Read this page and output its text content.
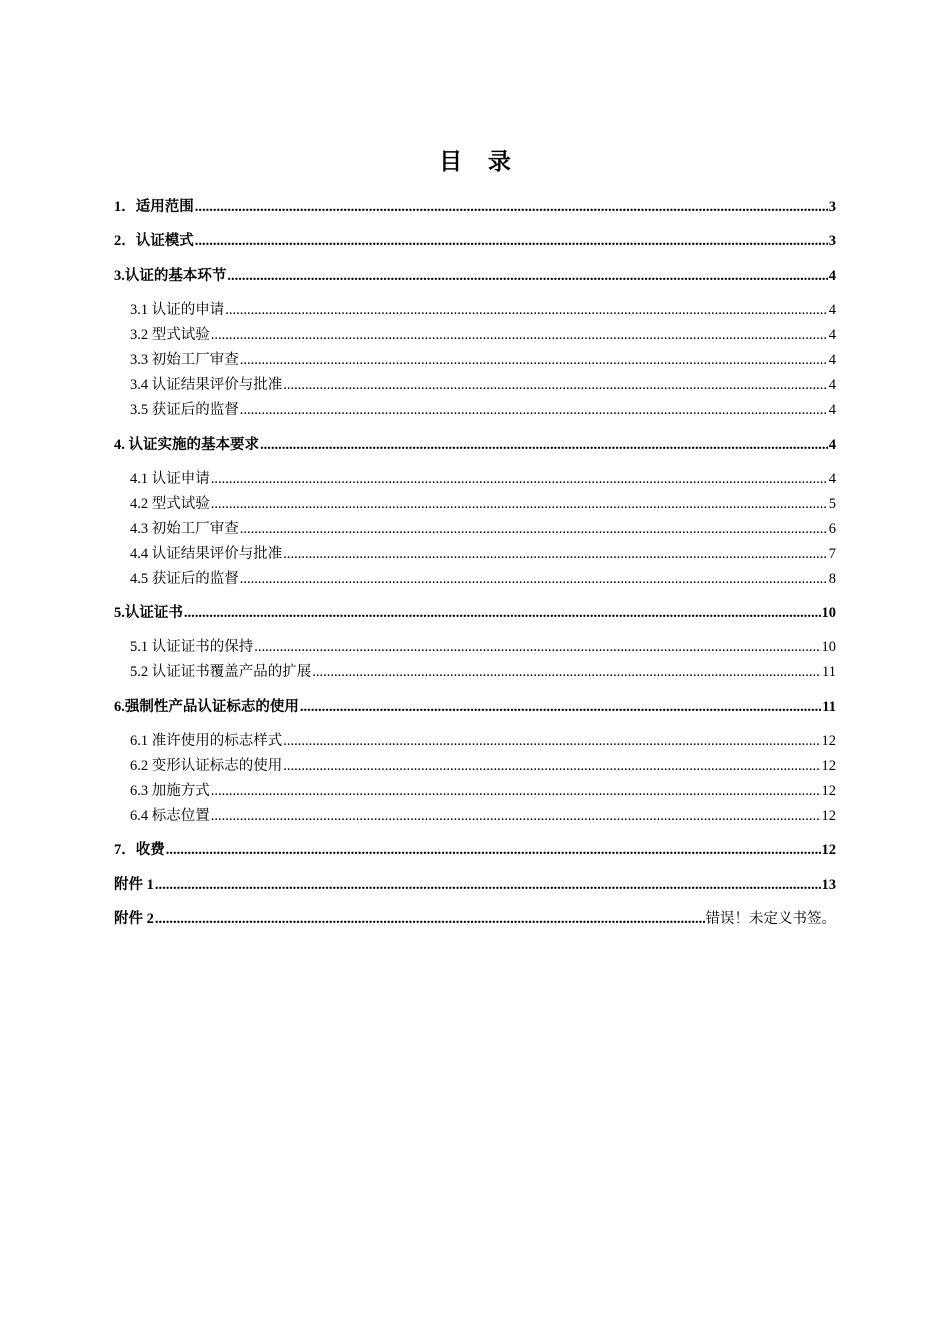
目 录
1．适用范围 .....	3
2．认证模式 .....	3
3.认证的基本环节 .....	4
3.1 认证的申请 .....	4
3.2 型式试验 .....	4
3.3 初始工厂审查 .....	4
3.4 认证结果评价与批准 .....	4
3.5 获证后的监督 .....	4
4. 认证实施的基本要求 .....	4
4.1 认证申请 .....	4
4.2 型式试验 .....	5
4.3 初始工厂审查 .....	6
4.4 认证结果评价与批准 .....	7
4.5 获证后的监督 .....	8
5.认证证书 .....	10
5.1 认证证书的保持 .....	10
5.2 认证证书覆盖产品的扩展 .....	11
6.强制性产品认证标志的使用 .....	11
6.1 准许使用的标志样式 .....	12
6.2 变形认证标志的使用 .....	12
6.3 加施方式 .....	12
6.4 标志位置 .....	12
7．收费 .....	12
附件 1 .....	13
附件 2 .....	错误！未定义书签。
